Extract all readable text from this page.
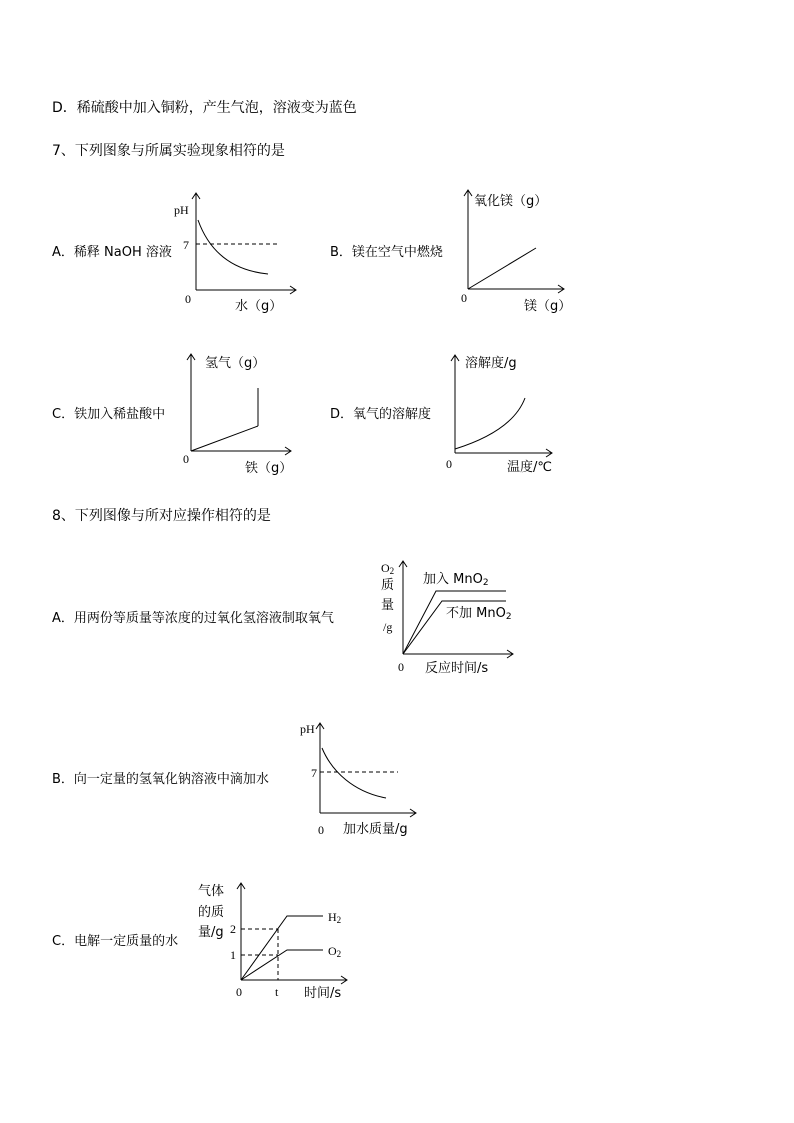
D．稀硫酸中加入铜粉，产生气泡，溶液变为蓝色
7、下列图象与所属实验现象相符的是
A．稀释 NaOH 溶液
pH
7
0	水（g）
B．镁在空气中燃烧
氧化镁（g）
0
镁（g）
C．铁加入稀盐酸中
氢气（g）
0
铁（g）
D．氧气的溶解度
溶解度/g
0	温度/℃
8、下列图像与所对应操作相符的是
A．用两份等质量等浓度的过氧化氢溶液制取氧气
$O_2$
质
量
/g
加入 MnO$_2$
不加 MnO$_2$
0 反应时间/s
B．向一定量的氢氧化钠溶液中滴加水
pH
7
0 加水质量/g
C．电解一定质量的水
气体
的质
量/g 2
1
0	t 时间/s
$H_2$
$O_2$
